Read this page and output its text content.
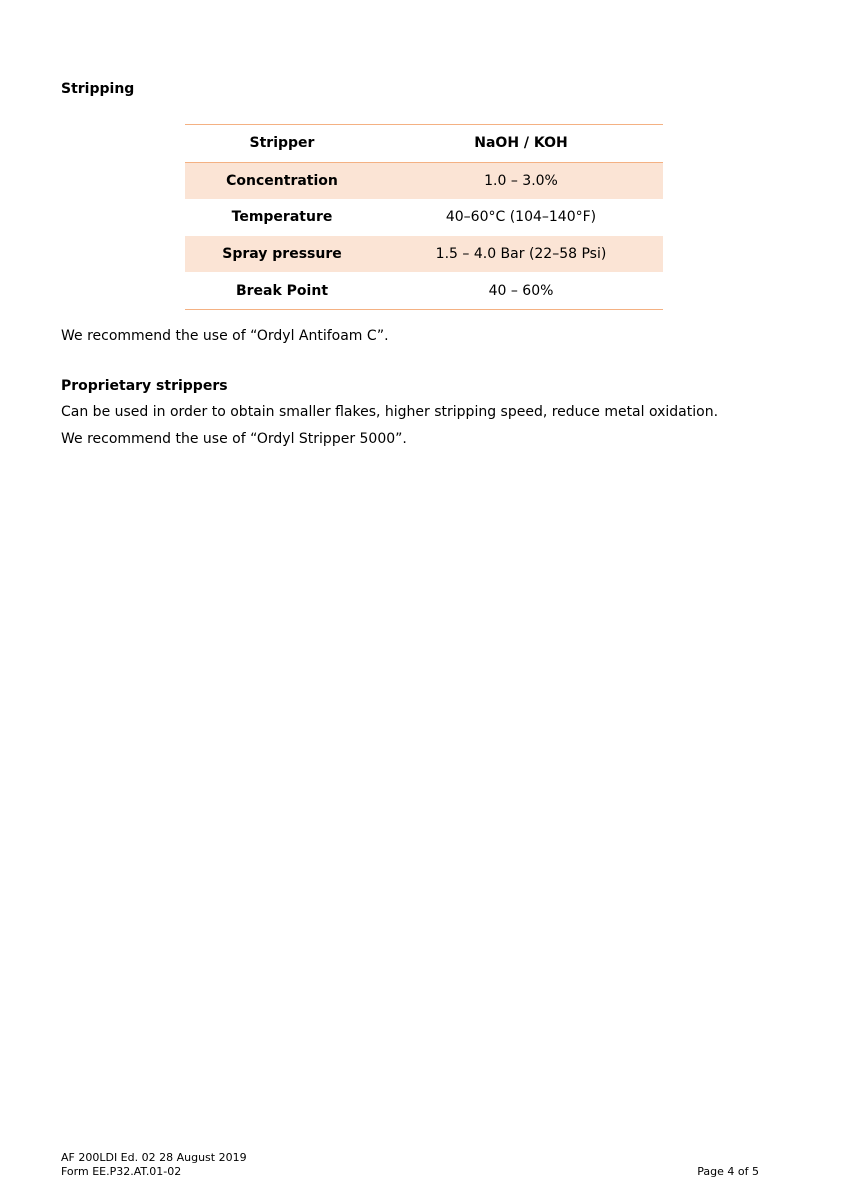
Stripping
Stripper	NaOH / KOH
Concentration	1.0 – 3.0%
Temperature	40–60°C (104–140°F)
Spray pressure	1.5 – 4.0 Bar (22–58 Psi)
Break Point	40 – 60%

We recommend the use of “Ordyl Antifoam C”.

Proprietary strippers

Can be used in order to obtain smaller flakes, higher stripping speed, reduce metal oxidation.

We recommend the use of “Ordyl Stripper 5000”.

AF 200LDI Ed. 02 28 August 2019
Form EE.P32.AT.01-02	Page 4 of 5
